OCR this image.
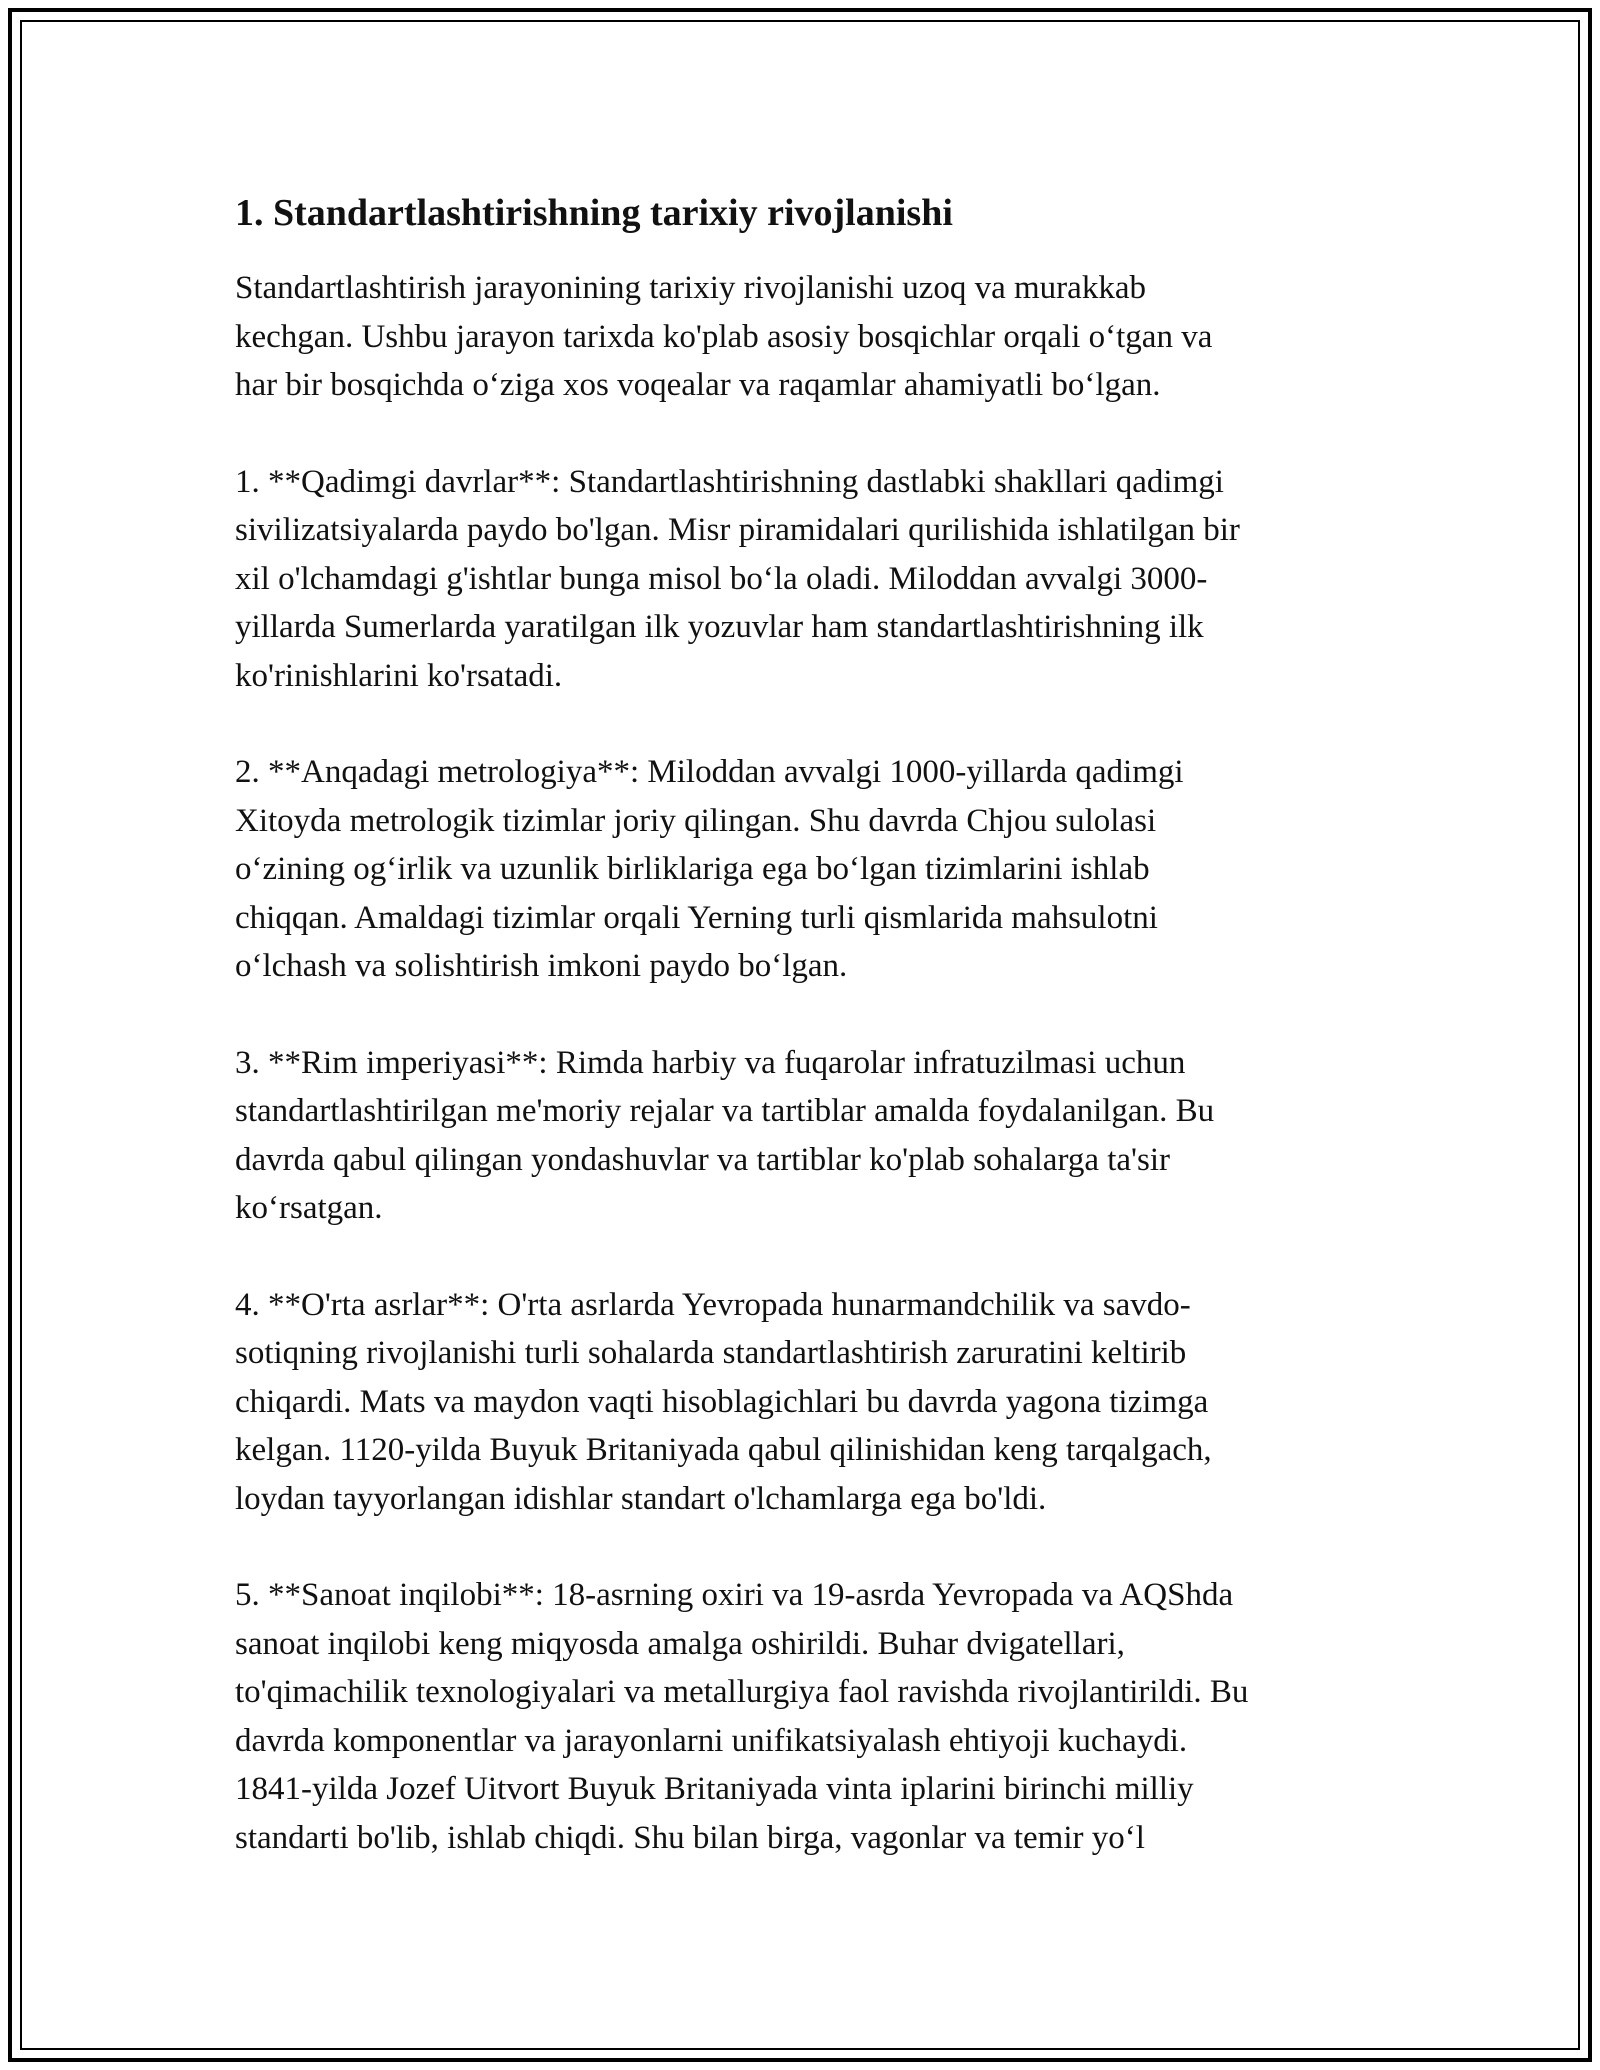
1. Standartlashtirishning tarixiy rivojlanishi

Standartlashtirish jarayonining tarixiy rivojlanishi uzoq va murakkab
kechgan. Ushbu jarayon tarixda ko'plab asosiy bosqichlar orqali o‘tgan va
har bir bosqichda o‘ziga xos voqealar va raqamlar ahamiyatli bo‘lgan.

1. **Qadimgi davrlar**: Standartlashtirishning dastlabki shakllari qadimgi
sivilizatsiyalarda paydo bo'lgan. Misr piramidalari qurilishida ishlatilgan bir
xil o'lchamdagi g'ishtlar bunga misol bo‘la oladi. Miloddan avvalgi 3000-
yillarda Sumerlarda yaratilgan ilk yozuvlar ham standartlashtirishning ilk
ko'rinishlarini ko'rsatadi.

2. **Anqadagi metrologiya**: Miloddan avvalgi 1000-yillarda qadimgi
Xitoyda metrologik tizimlar joriy qilingan. Shu davrda Chjou sulolasi
o‘zining og‘irlik va uzunlik birliklariga ega bo‘lgan tizimlarini ishlab
chiqqan. Amaldagi tizimlar orqali Yerning turli qismlarida mahsulotni
o‘lchash va solishtirish imkoni paydo bo‘lgan.

3. **Rim imperiyasi**: Rimda harbiy va fuqarolar infratuzilmasi uchun
standartlashtirilgan me'moriy rejalar va tartiblar amalda foydalanilgan. Bu
davrda qabul qilingan yondashuvlar va tartiblar ko'plab sohalarga ta'sir
ko‘rsatgan.

4. **O'rta asrlar**: O'rta asrlarda Yevropada hunarmandchilik va savdo-
sotiqning rivojlanishi turli sohalarda standartlashtirish zaruratini keltirib
chiqardi. Mats va maydon vaqti hisoblagichlari bu davrda yagona tizimga
kelgan. 1120-yilda Buyuk Britaniyada qabul qilinishidan keng tarqalgach,
loydan tayyorlangan idishlar standart o'lchamlarga ega bo'ldi.

5. **Sanoat inqilobi**: 18-asrning oxiri va 19-asrda Yevropada va AQShda
sanoat inqilobi keng miqyosda amalga oshirildi. Buhar dvigatellari,
to'qimachilik texnologiyalari va metallurgiya faol ravishda rivojlantirildi. Bu
davrda komponentlar va jarayonlarni unifikatsiyalash ehtiyoji kuchaydi.
1841-yilda Jozef Uitvort Buyuk Britaniyada vinta iplarini birinchi milliy
standarti bo'lib, ishlab chiqdi. Shu bilan birga, vagonlar va temir yo‘l
